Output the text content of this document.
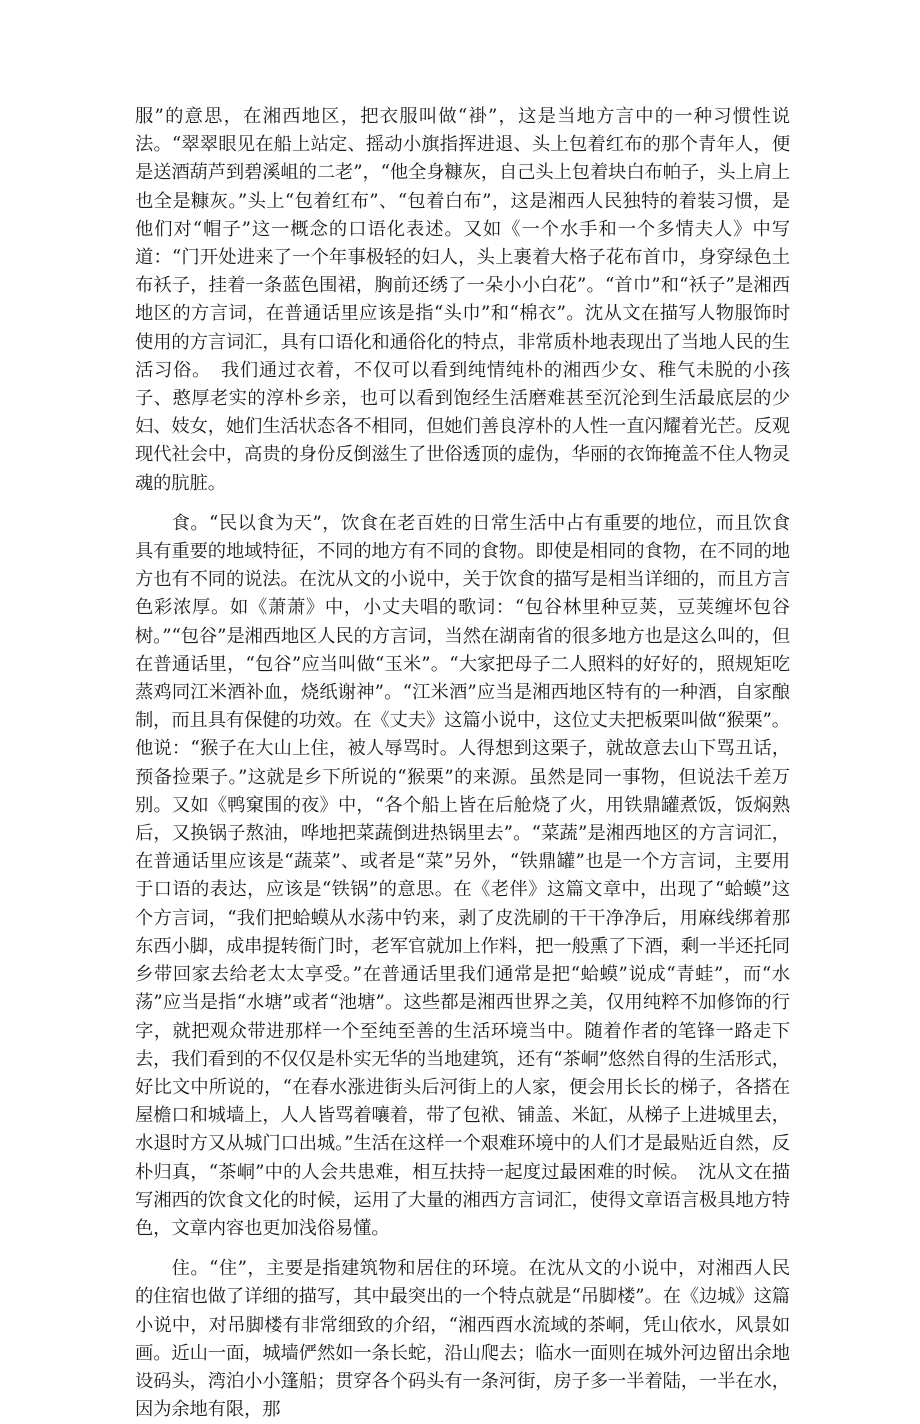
服”的意思，在湘西地区，把衣服叫做“褂”，这是当地方言中的一种习惯性说法。“翠翠眼见在船上站定、摇动小旗指挥进退、头上包着红布的那个青年人，便是送酒葫芦到碧溪岨的二老”，“他全身糠灰，自己头上包着块白布帕子，头上肩上也全是糠灰。”头上“包着红布”、“包着白布”，这是湘西人民独特的着装习惯，是他们对“帽子”这一概念的口语化表述。又如《一个水手和一个多情夫人》中写道：“门开处进来了一个年事极轻的妇人，头上裹着大格子花布首巾，身穿绿色土布袄子，挂着一条蓝色围裙，胸前还绣了一朵小小白花”。“首巾”和“袄子”是湘西地区的方言词，在普通话里应该是指“头巾”和“棉衣”。沈从文在描写人物服饰时使用的方言词汇，具有口语化和通俗化的特点，非常质朴地表现出了当地人民的生活习俗。　我们通过衣着，不仅可以看到纯情纯朴的湘西少女、稚气未脱的小孩子、憨厚老实的淳朴乡亲，也可以看到饱经生活磨难甚至沉沦到生活最底层的少妇、妓女，她们生活状态各不相同，但她们善良淳朴的人性一直闪耀着光芒。反观现代社会中，高贵的身份反倒滋生了世俗透顶的虚伪，华丽的衣饰掩盖不住人物灵魂的肮脏。

食。“民以食为天”，饮食在老百姓的日常生活中占有重要的地位，而且饮食具有重要的地域特征，不同的地方有不同的食物。即使是相同的食物，在不同的地方也有不同的说法。在沈从文的小说中，关于饮食的描写是相当详细的，而且方言色彩浓厚。如《萧萧》中，小丈夫唱的歌词：“包谷林里种豆荚，豆荚缠坏包谷树。”“包谷”是湘西地区人民的方言词，当然在湖南省的很多地方也是这么叫的，但在普通话里，“包谷”应当叫做“玉米”。“大家把母子二人照料的好好的，照规矩吃蒸鸡同江米酒补血，烧纸谢神”。“江米酒”应当是湘西地区特有的一种酒，自家酿制，而且具有保健的功效。在《丈夫》这篇小说中，这位丈夫把板栗叫做“猴栗”。他说：“猴子在大山上住，被人辱骂时。人得想到这栗子，就故意去山下骂丑话，预备捡栗子。”这就是乡下所说的“猴栗”的来源。虽然是同一事物，但说法千差万别。又如《鸭窠围的夜》中，“各个船上皆在后舱烧了火，用铁鼎罐煮饭，饭焖熟后，又换锅子熬油，哗地把菜蔬倒进热锅里去”。“菜蔬”是湘西地区的方言词汇，在普通话里应该是“蔬菜”、或者是“菜”另外，“铁鼎罐”也是一个方言词，主要用于口语的表达，应该是“铁锅”的意思。在《老伴》这篇文章中，出现了“蛤蟆”这个方言词，“我们把蛤蟆从水荡中钓来，剥了皮洗刷的干干净净后，用麻线绑着那东西小脚，成串提转衙门时，老军官就加上作料，把一般熏了下酒，剩一半还托同乡带回家去给老太太享受。”在普通话里我们通常是把“蛤蟆”说成“青蛙”，而“水荡”应当是指“水塘”或者“池塘”。这些都是湘西世界之美，仅用纯粹不加修饰的行字，就把观众带进那样一个至纯至善的生活环境当中。随着作者的笔锋一路走下去，我们看到的不仅仅是朴实无华的当地建筑，还有“茶峒”悠然自得的生活形式，好比文中所说的，“在春水涨进街头后河街上的人家，便会用长长的梯子，各搭在屋檐口和城墙上，人人皆骂着嚷着，带了包袱、铺盖、米缸，从梯子上进城里去，水退时方又从城门口出城。”生活在这样一个艰难环境中的人们才是最贴近自然，反朴归真，“茶峒”中的人会共患难，相互扶持一起度过最困难的时候。　沈从文在描写湘西的饮食文化的时候，运用了大量的湘西方言词汇，使得文章语言极具地方特色，文章内容也更加浅俗易懂。

住。“住”，主要是指建筑物和居住的环境。在沈从文的小说中，对湘西人民的住宿也做了详细的描写，其中最突出的一个特点就是“吊脚楼”。在《边城》这篇小说中，对吊脚楼有非常细致的介绍，“湘西酉水流域的茶峒，凭山依水，风景如画。近山一面，城墙俨然如一条长蛇，沿山爬去；临水一面则在城外河边留出余地设码头，湾泊小小篷船；贯穿各个码头有一条河街，房子多一半着陆，一半在水，因为余地有限，那
